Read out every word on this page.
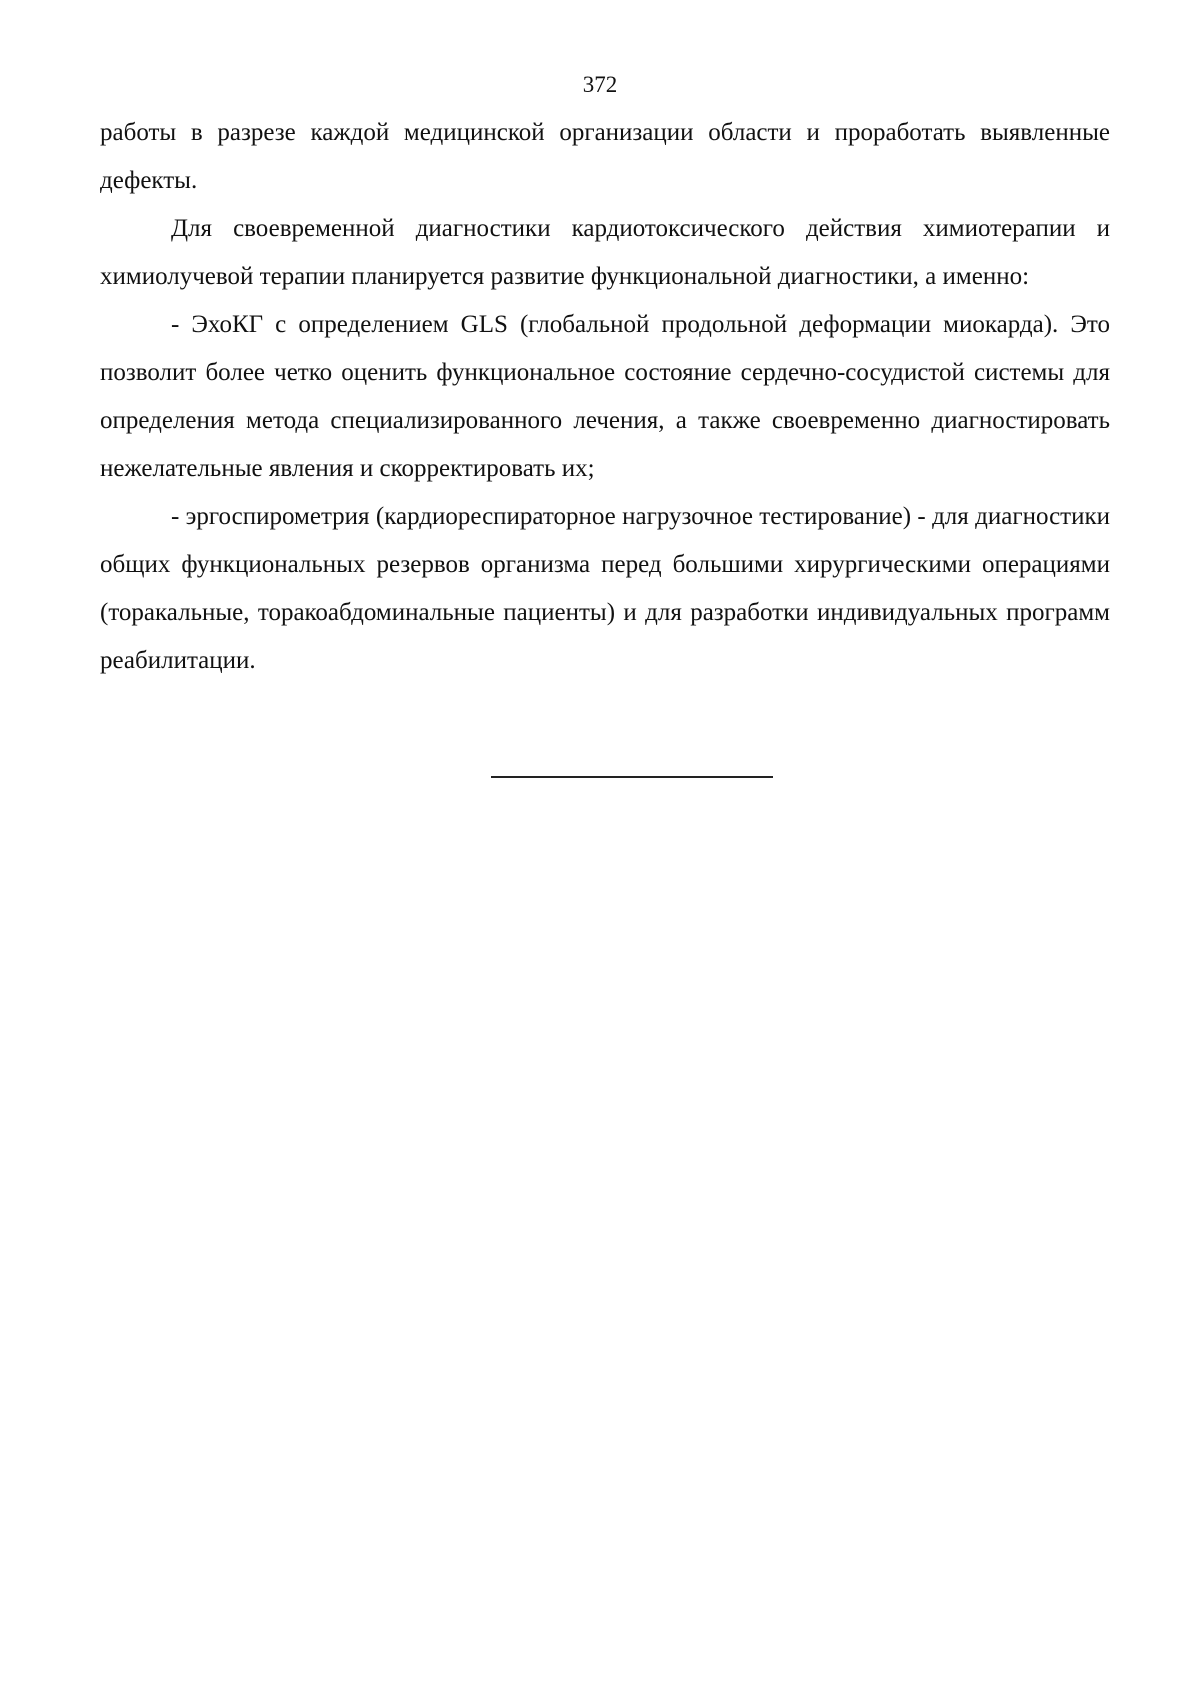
372

работы в разрезе каждой медицинской организации области и проработать выявленные дефекты.

Для своевременной диагностики кардиотоксического действия химиотерапии и химиолучевой терапии планируется развитие функциональной диагностики, а именно:

- ЭхоКГ с определением GLS (глобальной продольной деформации миокарда). Это позволит более четко оценить функциональное состояние сердечно-сосудистой системы для определения метода специализированного лечения, а также своевременно диагностировать нежелательные явления и скорректировать их;

- эргоспирометрия (кардиореспираторное нагрузочное тестирование) - для диагностики общих функциональных резервов организма перед большими хирургическими операциями (торакальные, торакоабдоминальные пациенты) и для разработки индивидуальных программ реабилитации.
